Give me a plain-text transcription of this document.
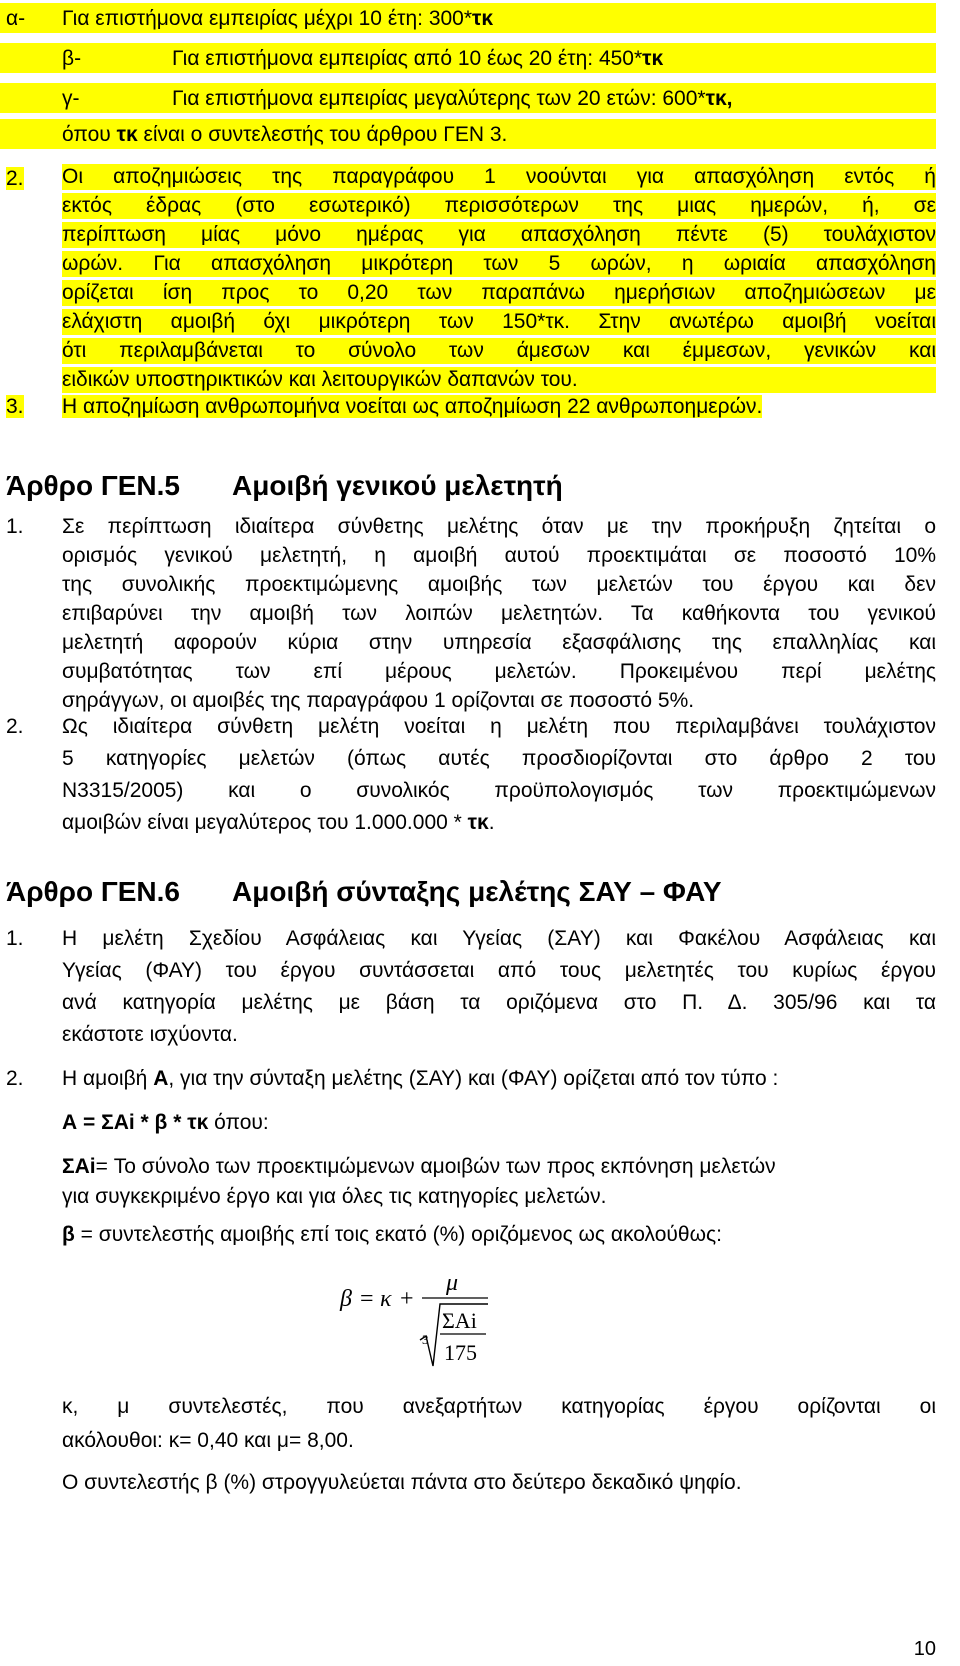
α- Για επιστήμονα εμπειρίας μέχρι 10 έτη: 300*τκ
β-	Για επιστήμονα εμπειρίας από 10 έως 20 έτη: 450*τκ
γ-	Για επιστήμονα εμπειρίας μεγαλύτερης των 20 ετών: 600*τκ,
όπου τκ είναι ο συντελεστής του άρθρου ΓΕΝ 3.
2. Οι αποζημιώσεις της παραγράφου 1 νοούνται για απασχόληση εντός ή
εκτός έδρας (στο εσωτερικό) περισσότερων της μιας ημερών, ή, σε
περίπτωση μίας μόνο ημέρας για απασχόληση πέντε (5) τουλάχιστον
ωρών. Για απασχόληση μικρότερη των 5 ωρών, η ωριαία απασχόληση
ορίζεται ίση προς το 0,20 των παραπάνω ημερήσιων αποζημιώσεων με
ελάχιστη αμοιβή όχι μικρότερη των 150*τκ. Στην ανωτέρω αμοιβή νοείται
ότι περιλαμβάνεται το σύνολο των άμεσων και έμμεσων, γενικών και
ειδικών υποστηρικτικών και λειτουργικών δαπανών του.
3. Η αποζημίωση ανθρωπομήνα νοείται ως αποζημίωση 22 ανθρωποημερών.
Άρθρο ΓΕΝ.5 Αμοιβή γενικού μελετητή
1. Σε περίπτωση ιδιαίτερα σύνθετης μελέτης όταν με την προκήρυξη ζητείται ο
ορισμός γενικού μελετητή, η αμοιβή αυτού προεκτιμάται σε ποσοστό 10%
της συνολικής προεκτιμώμενης αμοιβής των μελετών του έργου και δεν
επιβαρύνει την αμοιβή των λοιπών μελετητών. Τα καθήκοντα του γενικού
μελετητή αφορούν κύρια στην υπηρεσία εξασφάλισης της επαλληλίας και
συμβατότητας των επί μέρους μελετών. Προκειμένου περί μελέτης
σηράγγων, οι αμοιβές της παραγράφου 1 ορίζονται σε ποσοστό 5%.
2. Ως ιδιαίτερα σύνθετη μελέτη νοείται η μελέτη που περιλαμβάνει τουλάχιστον
5 κατηγορίες μελετών (όπως αυτές προσδιορίζονται στο άρθρο 2 του
Ν3315/2005) και ο συνολικός προϋπολογισμός των προεκτιμώμενων
αμοιβών είναι μεγαλύτερος του 1.000.000 * τκ.
Άρθρο ΓΕΝ.6 Αμοιβή σύνταξης μελέτης ΣΑΥ – ΦΑΥ
1. Η μελέτη Σχεδίου Ασφάλειας και Υγείας (ΣΑΥ) και Φακέλου Ασφάλειας και
Υγείας (ΦΑΥ) του έργου συντάσσεται από τους μελετητές του κυρίως έργου
ανά κατηγορία μελέτης με βάση τα οριζόμενα στο Π. Δ. 305/96 και τα
εκάστοτε ισχύοντα.
2. Η αμοιβή Α, για την σύνταξη μελέτης (ΣΑΥ) και (ΦΑΥ) ορίζεται από τον τύπο :
Α = ΣΑi * β * τκ όπου:
ΣΑi= Το σύνολο των προεκτιμώμενων αμοιβών των προς εκπόνηση μελετών
για συγκεκριμένο έργο και για όλες τις κατηγορίες μελετών.
β = συντελεστής αμοιβής επί τοις εκατό (%) οριζόμενος ως ακολούθως:
β = κ +
μ
3
ΣAi
175
κ, μ συντελεστές, που ανεξαρτήτων κατηγορίας έργου ορίζονται οι
ακόλουθοι: κ= 0,40 και μ= 8,00.
Ο συντελεστής β (%) στρογγυλεύεται πάντα στο δεύτερο δεκαδικό ψηφίο.
10
